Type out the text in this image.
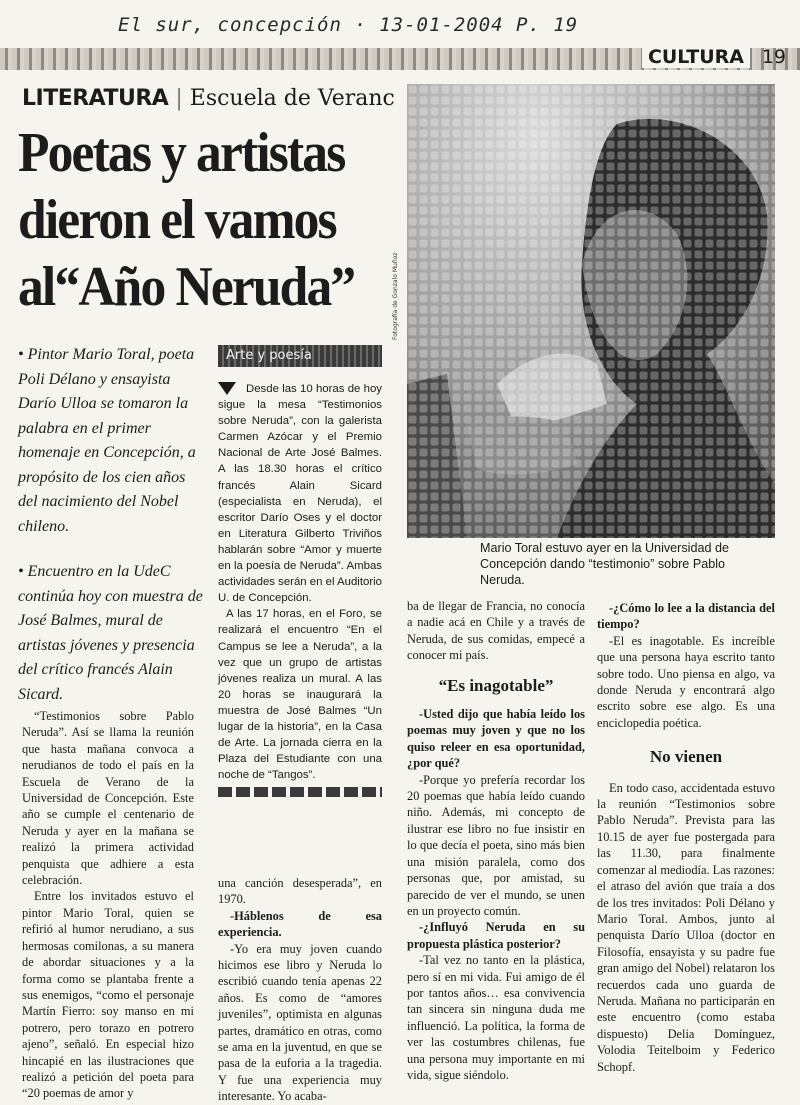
El sur, concepción · 13-01-2004 P. 19
CULTURA 19
LITERATURA | Escuela de Veranc
Poetas y artistas dieron el vamos al“Año Neruda”
• Pintor Mario Toral, poeta Poli Délano y ensayista Darío Ulloa se tomaron la palabra en el primer homenaje en Concepción, a propósito de los cien años del nacimiento del Nobel chileno.
• Encuentro en la UdeC continúa hoy con muestra de José Balmes, mural de artistas jóvenes y presencia del crítico francés Alain Sicard.

“Testimonios sobre Pablo Neruda”. Así se llama la reunión que hasta mañana convoca a nerudianos de todo el país en la Escuela de Verano de la Universidad de Concepción. Este año se cumple el centenario de Neruda y ayer en la mañana se realizó la primera actividad penquista que adhiere a esta celebración.

Entre los invitados estuvo el pintor Mario Toral, quien se refirió al humor nerudiano, a sus hermosas comilonas, a su manera de abordar situaciones y a la forma como se plantaba frente a sus enemigos, “como el personaje Martín Fierro: soy manso en mi potrero, pero torazo en potrero ajeno”, señaló. En especial hizo hincapié en las ilustraciones que realizó a petición del poeta para “20 poemas de amor y

Arte y poesía

Desde las 10 horas de hoy sigue la mesa “Testimonios sobre Neruda”, con la galerista Carmen Azócar y el Premio Nacional de Arte José Balmes. A las 18.30 horas el crítico francés Alain Sicard (especialista en Neruda), el escritor Darío Oses y el doctor en Literatura Gilberto Triviños hablarán sobre “Amor y muerte en la poesía de Neruda”. Ambas actividades serán en el Auditorio U. de Concepción.

A las 17 horas, en el Foro, se realizará el encuentro “En el Campus se lee a Neruda”, a la vez que un grupo de artistas jóvenes realiza un mural. A las 20 horas se inaugurará la muestra de José Balmes “Un lugar de la historia”, en la Casa de Arte. La jornada cierra en la Plaza del Estudiante con una noche de “Tangos”.

una canción desesperada”, en 1970.

-Háblenos de esa experiencia.

-Yo era muy joven cuando hicimos ese libro y Neruda lo escribió cuando tenía apenas 22 años. Es como de “amores juveniles”, optimista en algunas partes, dramático en otras, como se ama en la juventud, en que se pasa de la euforia a la tragedia. Y fue una experiencia muy interesante. Yo acaba-

Fotografía de Gonzalo Muñoz
Mario Toral estuvo ayer en la Universidad de Concepción dando “testimonio” sobre Pablo Neruda.

ba de llegar de Francia, no conocía a nadie acá en Chile y a través de Neruda, de sus comidas, empecé a conocer mi país.

“Es inagotable”

-Usted dijo que había leído los poemas muy joven y que no los quiso releer en esa oportunidad, ¿por qué?

-Porque yo prefería recordar los 20 poemas que había leído cuando niño. Además, mi concepto de ilustrar ese libro no fue insistir en lo que decía el poeta, sino más bien una misión paralela, como dos personas que, por amistad, su parecido de ver el mundo, se unen en un proyecto común.

-¿Influyó Neruda en su propuesta plástica posterior?

-Tal vez no tanto en la plástica, pero sí en mi vida. Fui amigo de él por tantos años… esa convivencia tan sincera sin ninguna duda me influenció. La política, la forma de ver las costumbres chilenas, fue una persona muy importante en mi vida, sigue siéndolo.

-¿Cómo lo lee a la distancia del tiempo?

-El es inagotable. Es increíble que una persona haya escrito tanto sobre todo. Uno piensa en algo, va donde Neruda y encontrará algo escrito sobre ese algo. Es una enciclopedia poética.

No vienen

En todo caso, accidentada estuvo la reunión “Testimonios sobre Pablo Neruda”. Prevista para las 10.15 de ayer fue postergada para las 11.30, para finalmente comenzar al mediodía. Las razones: el atraso del avión que traía a dos de los tres invitados: Poli Délano y Mario Toral. Ambos, junto al penquista Darío Ulloa (doctor en Filosofía, ensayista y su padre fue gran amigo del Nobel) relataron los recuerdos cada uno guarda de Neruda. Mañana no participarán en este encuentro (como estaba dispuesto) Delia Domínguez, Volodia Teitelboim y Federico Schopf.
